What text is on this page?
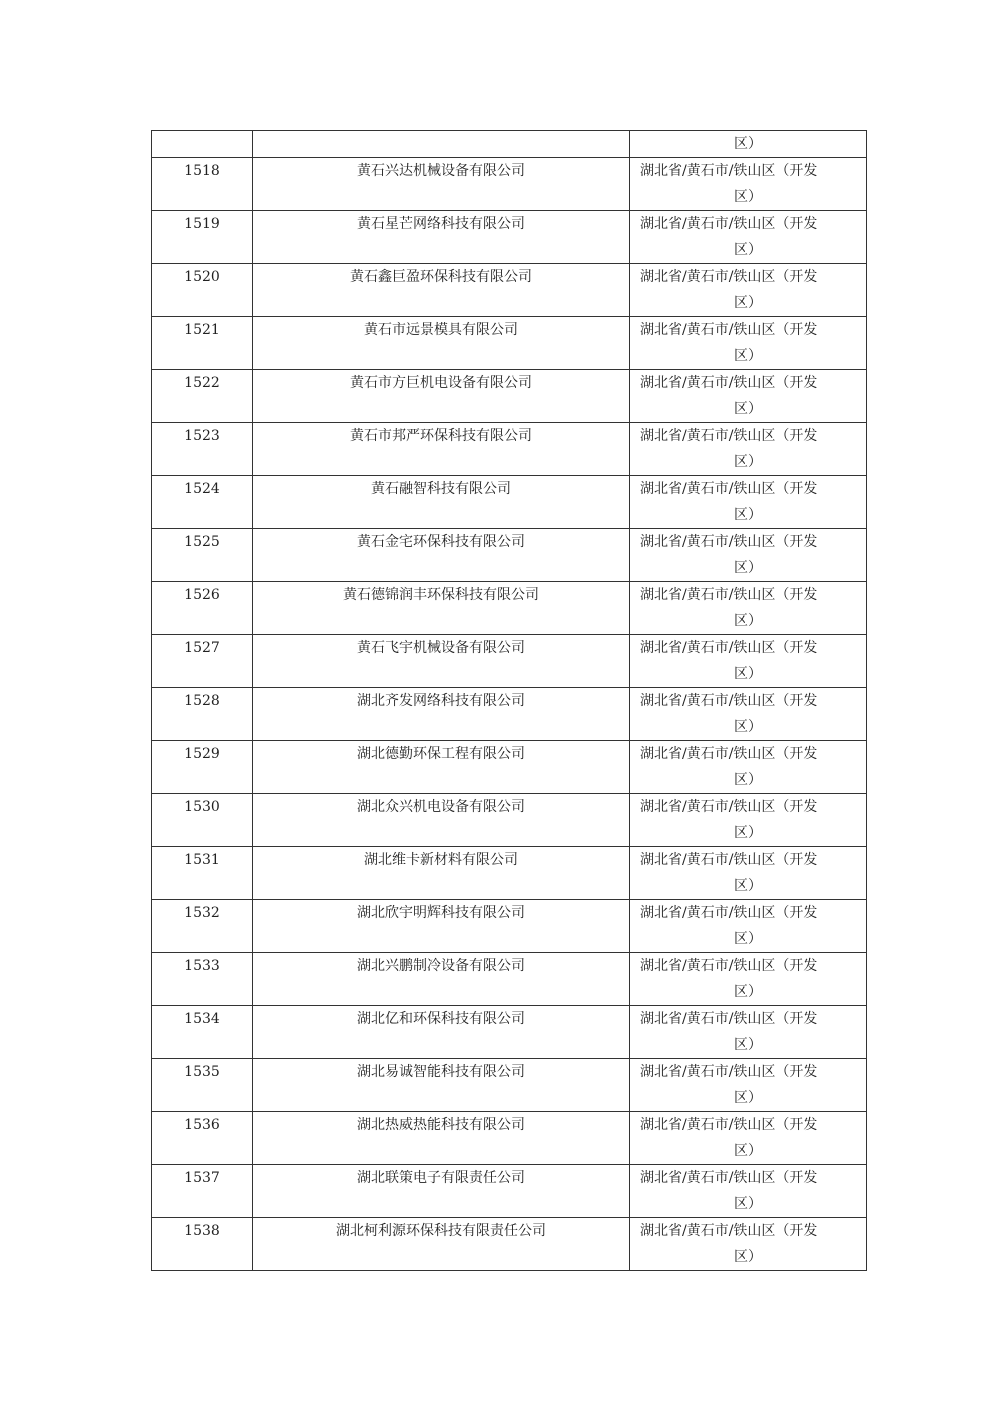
		区）

1518	黄石兴达机械设备有限公司	湖北省/黄石市/铁山区（开发
区）

1519	黄石星芒网络科技有限公司	湖北省/黄石市/铁山区（开发
区）

1520	黄石鑫巨盈环保科技有限公司	湖北省/黄石市/铁山区（开发
区）

1521	黄石市远景模具有限公司	湖北省/黄石市/铁山区（开发
区）

1522	黄石市方巨机电设备有限公司	湖北省/黄石市/铁山区（开发
区）

1523	黄石市邦严环保科技有限公司	湖北省/黄石市/铁山区（开发
区）

1524	黄石融智科技有限公司	湖北省/黄石市/铁山区（开发
区）

1525	黄石金宅环保科技有限公司	湖北省/黄石市/铁山区（开发
区）

1526	黄石德锦润丰环保科技有限公司	湖北省/黄石市/铁山区（开发
区）

1527	黄石飞宇机械设备有限公司	湖北省/黄石市/铁山区（开发
区）

1528	湖北齐发网络科技有限公司	湖北省/黄石市/铁山区（开发
区）

1529	湖北德勤环保工程有限公司	湖北省/黄石市/铁山区（开发
区）

1530	湖北众兴机电设备有限公司	湖北省/黄石市/铁山区（开发
区）

1531	湖北维卡新材料有限公司	湖北省/黄石市/铁山区（开发
区）

1532	湖北欣宇明辉科技有限公司	湖北省/黄石市/铁山区（开发
区）

1533	湖北兴鹏制冷设备有限公司	湖北省/黄石市/铁山区（开发
区）

1534	湖北亿和环保科技有限公司	湖北省/黄石市/铁山区（开发
区）

1535	湖北易诚智能科技有限公司	湖北省/黄石市/铁山区（开发
区）

1536	湖北热威热能科技有限公司	湖北省/黄石市/铁山区（开发
区）

1537	湖北联策电子有限责任公司	湖北省/黄石市/铁山区（开发
区）

1538	湖北柯利源环保科技有限责任公司	湖北省/黄石市/铁山区（开发
区）
